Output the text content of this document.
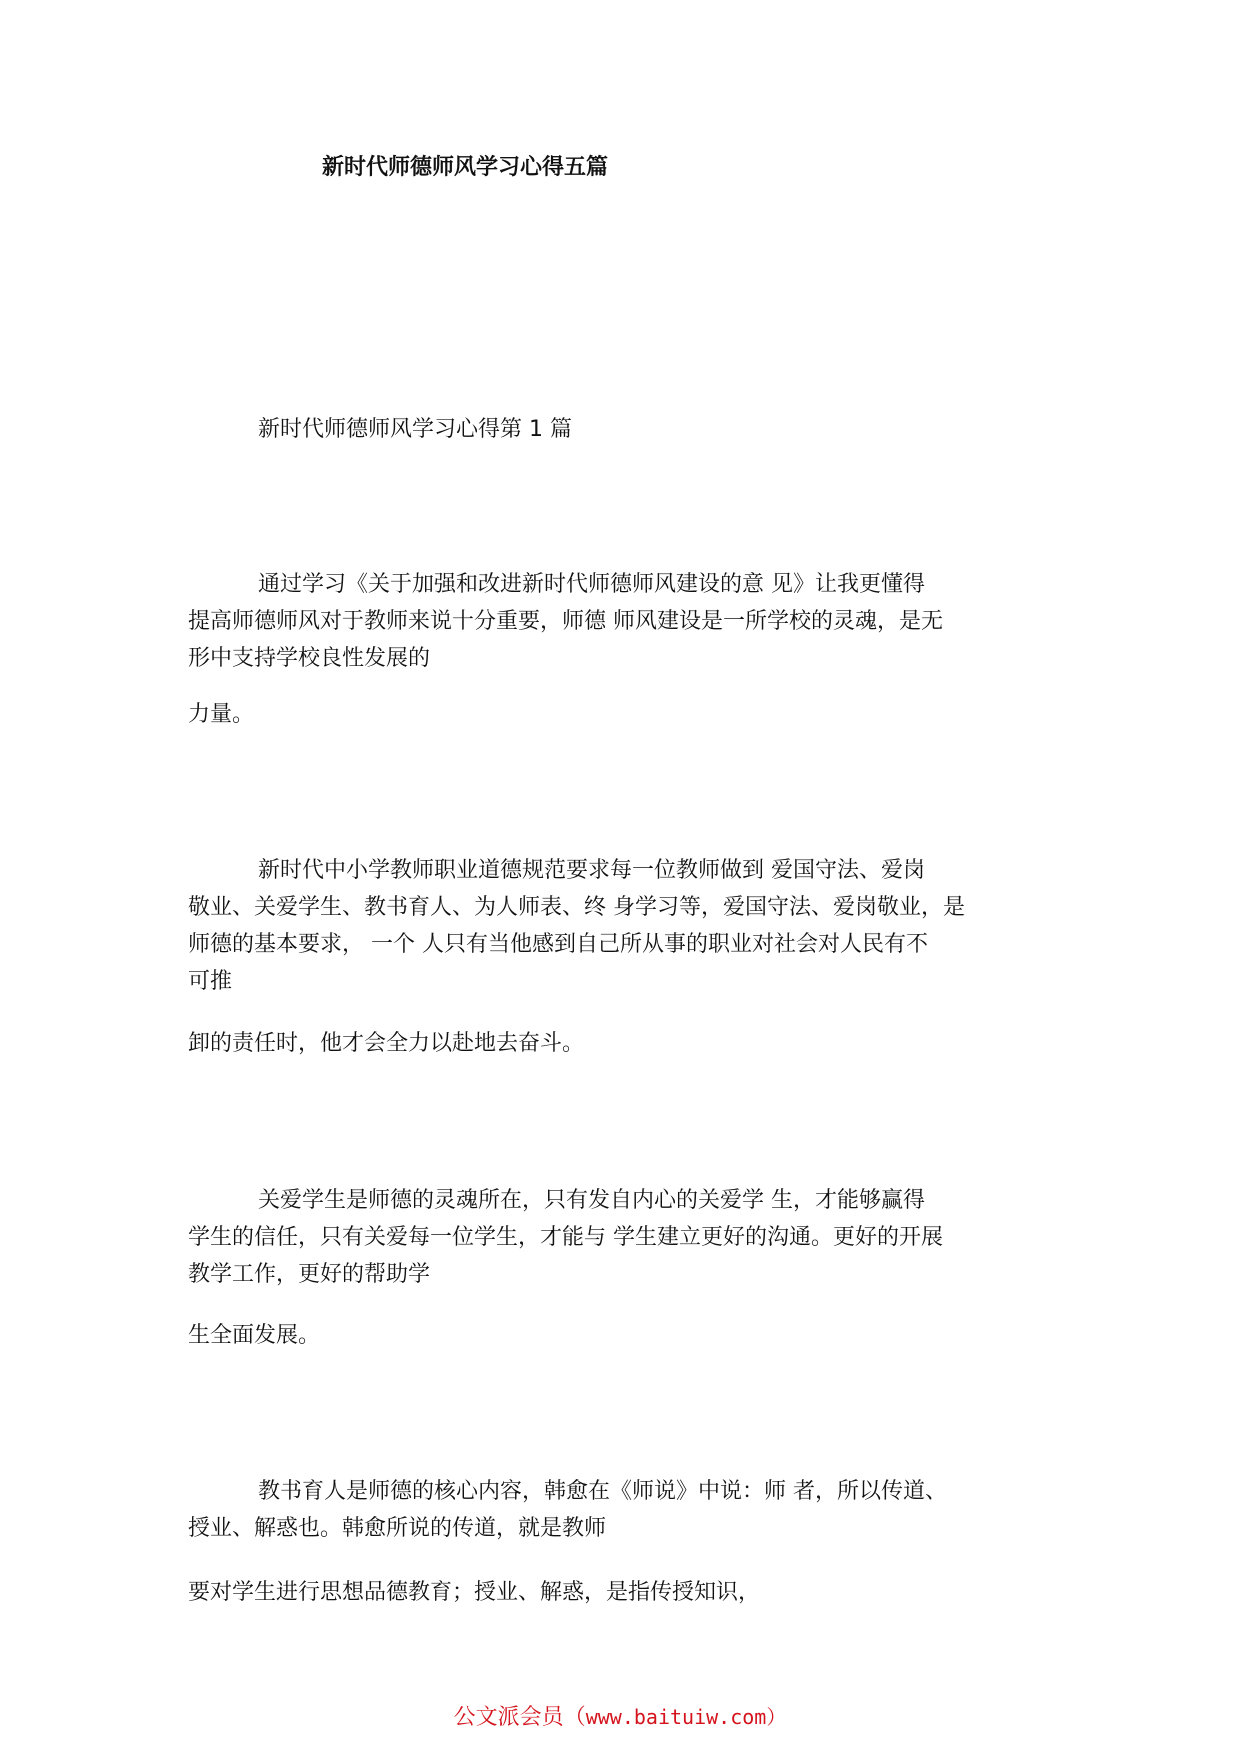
新时代师德师风学习心得五篇
新时代师德师风学习心得第 1 篇
通过学习《关于加强和改进新时代师德师风建设的意 见》让我更懂得
提高师德师风对于教师来说十分重要，师德 师风建设是一所学校的灵魂，是无
形中支持学校良性发展的
力量。
新时代中小学教师职业道德规范要求每一位教师做到 爱国守法、爱岗
敬业、关爱学生、教书育人、为人师表、终 身学习等，爱国守法、爱岗敬业，是
师德的基本要求， 一个 人只有当他感到自己所从事的职业对社会对人民有不
可推
卸的责任时，他才会全力以赴地去奋斗。
关爱学生是师德的灵魂所在，只有发自内心的关爱学 生，才能够赢得
学生的信任，只有关爱每一位学生，才能与 学生建立更好的沟通。更好的开展
教学工作，更好的帮助学
生全面发展。
教书育人是师德的核心内容，韩愈在《师说》中说：师 者，所以传道、
授业、解惑也。韩愈所说的传道，就是教师
要对学生进行思想品德教育；授业、解惑，是指传授知识，
公文派会员（www.baituiw.com）
